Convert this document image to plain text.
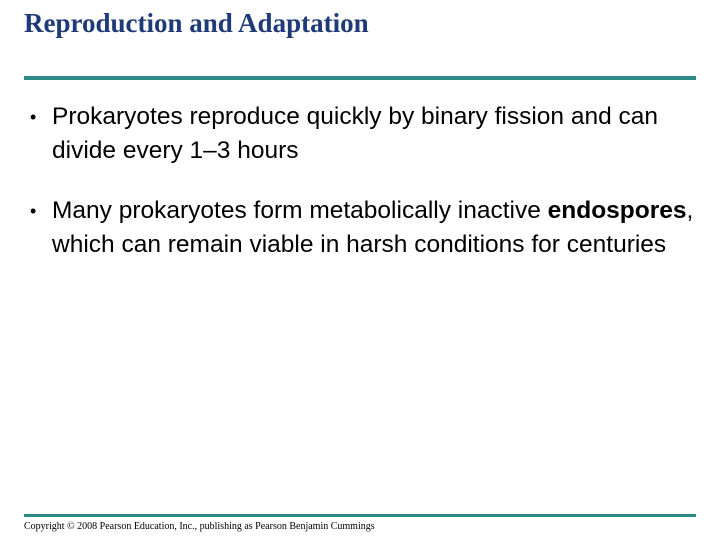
Reproduction and Adaptation
• Prokaryotes reproduce quickly by binary fission and can divide every 1–3 hours
• Many prokaryotes form metabolically inactive endospores, which can remain viable in harsh conditions for centuries
Copyright © 2008 Pearson Education, Inc., publishing as Pearson Benjamin Cummings
